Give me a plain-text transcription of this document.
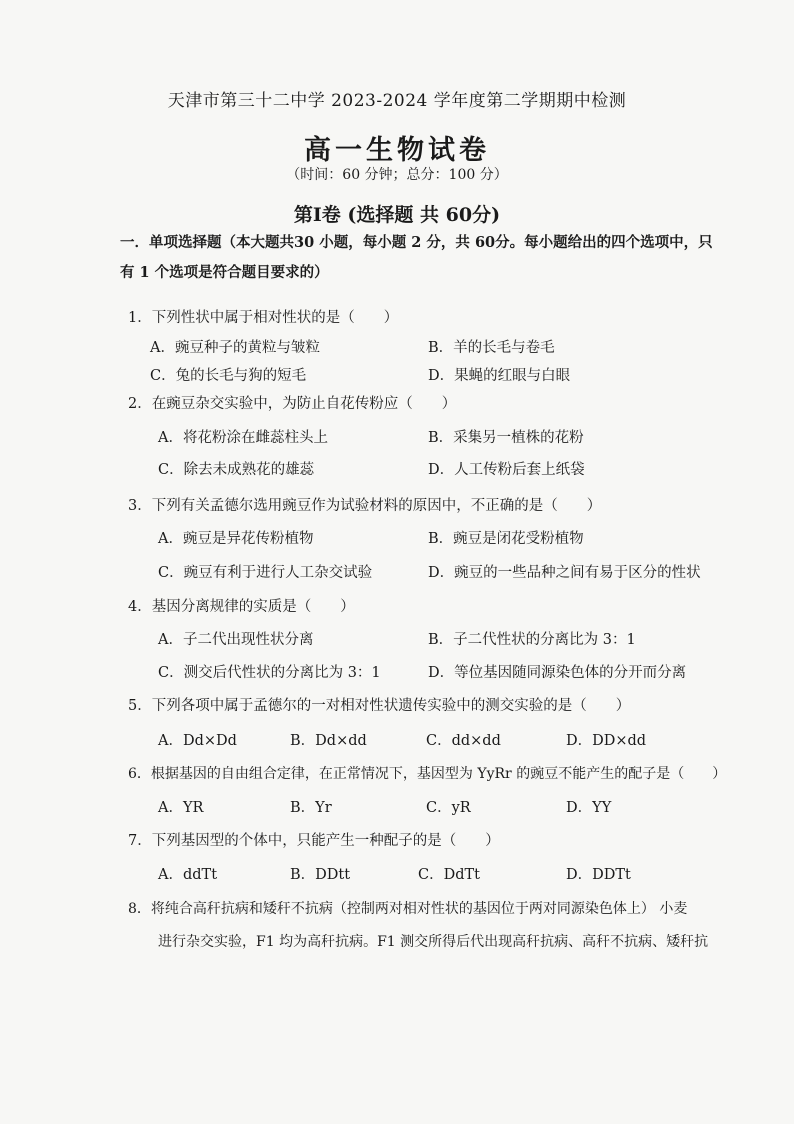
天津市第三十二中学 2023-2024 学年度第二学期期中检测
高一生物试卷
（时间：60 分钟；总分：100 分）
第Ⅰ卷 (选择题 共 60分)
一．单项选择题（本大题共30 小题，每小题 2 分，共 60分。每小题给出的四个选项中，只
有 1 个选项是符合题目要求的）
1．下列性状中属于相对性状的是（　　）
A．豌豆种子的黄粒与皱粒	B．羊的长毛与卷毛
C．兔的长毛与狗的短毛	D．果蝇的红眼与白眼
2．在豌豆杂交实验中，为防止自花传粉应（　　）
A．将花粉涂在雌蕊柱头上	B．采集另一植株的花粉
C．除去未成熟花的雄蕊	D．人工传粉后套上纸袋
3．下列有关孟德尔选用豌豆作为试验材料的原因中，不正确的是（　　）
A．豌豆是异花传粉植物	B．豌豆是闭花受粉植物
C．豌豆有利于进行人工杂交试验	D．豌豆的一些品种之间有易于区分的性状
4．基因分离规律的实质是（　　）
A．子二代出现性状分离	B．子二代性状的分离比为 3：1
C．测交后代性状的分离比为 3：1	D．等位基因随同源染色体的分开而分离
5．下列各项中属于孟德尔的一对相对性状遗传实验中的测交实验的是（　　）
A．Dd×Dd	B．Dd×dd	C．dd×dd	D．DD×dd
6．根据基因的自由组合定律，在正常情况下，基因型为 YyRr 的豌豆不能产生的配子是（　　）
A．YR	B．Yr	C．yR	D．YY
7．下列基因型的个体中，只能产生一种配子的是（　　）
A．ddTt	B．DDtt	C．DdTt	D．DDTt
8．将纯合高秆抗病和矮秆不抗病（控制两对相对性状的基因位于两对同源染色体上） 小麦
进行杂交实验，F1 均为高秆抗病。F1 测交所得后代出现高秆抗病、高秆不抗病、矮秆抗
